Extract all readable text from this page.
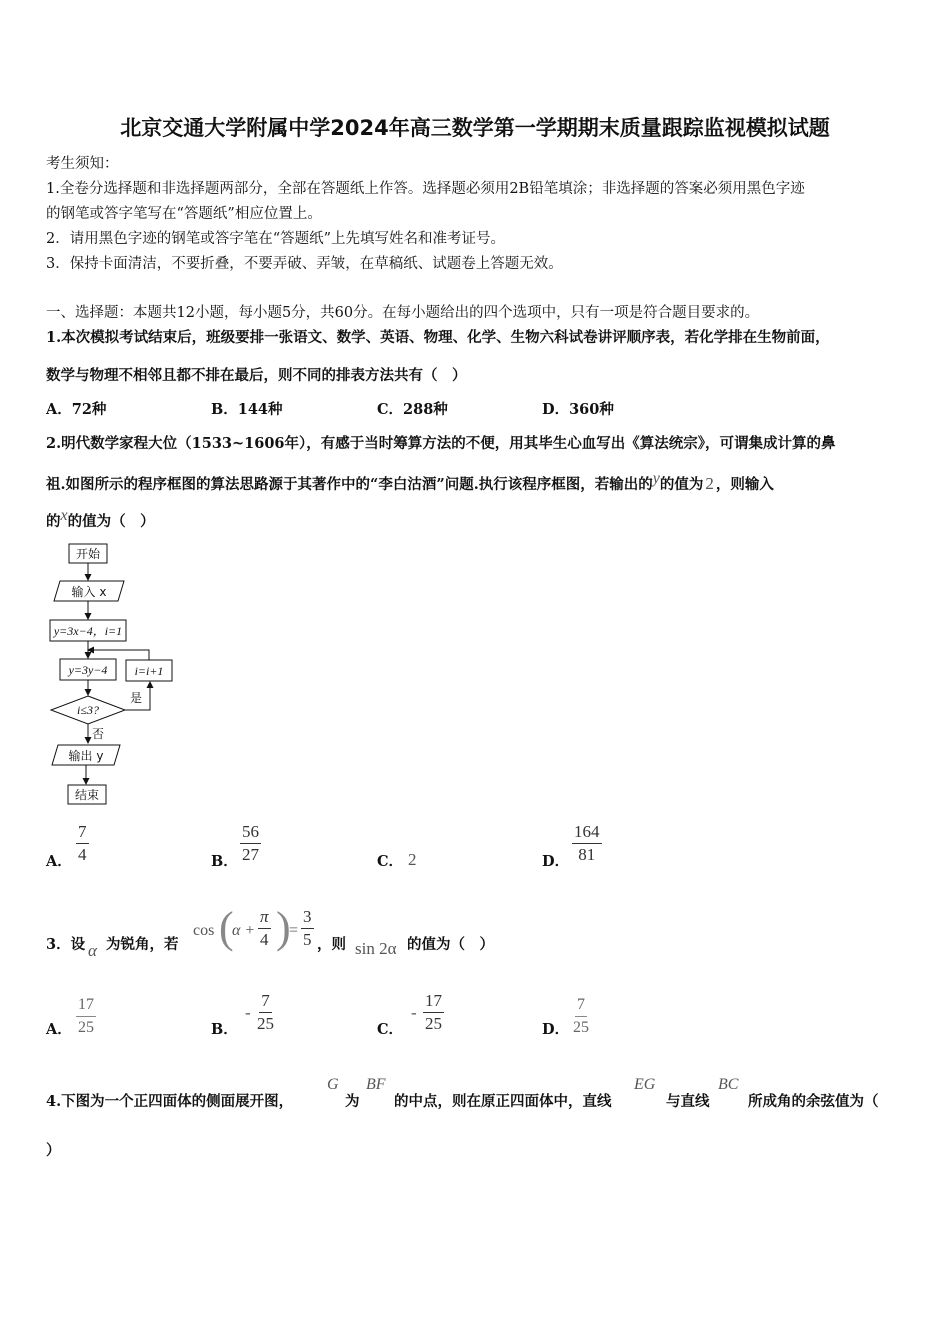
北京交通大学附属中学2024年高三数学第一学期期末质量跟踪监视模拟试题
考生须知：
1.全卷分选择题和非选择题两部分，全部在答题纸上作答。选择题必须用2B铅笔填涂；非选择题的答案必须用黑色字迹
的钢笔或答字笔写在“答题纸”相应位置上。
2．请用黑色字迹的钢笔或答字笔在“答题纸”上先填写姓名和准考证号。
3．保持卡面清洁，不要折叠，不要弄破、弄皱，在草稿纸、试题卷上答题无效。
一、选择题：本题共12小题，每小题5分，共60分。在每小题给出的四个选项中，只有一项是符合题目要求的。
1.本次模拟考试结束后，班级要排一张语文、数学、英语、物理、化学、生物六科试卷讲评顺序表，若化学排在生物前面，
数学与物理不相邻且都不排在最后，则不同的排表方法共有（　）
A．72种	B．144种	C．288种	D．360种
2.明代数学家程大位（1533~1606年），有感于当时筹算方法的不便，用其毕生心血写出《算法统宗》，可谓集成计算的鼻
祖.如图所示的程序框图的算法思路源于其著作中的“李白沽酒”问题.执行该程序框图，若输出的$^y$的值为 2 ，则输入
的$^x$的值为（　）
开始
输入 x
y=3x−4，i=1
y=3y−4
i≤3?
是
i=i+1
否
输出 y
结束
A． $\frac{7}{4}$	B． $\frac{56}{27}$	C． 2	D． $\frac{164}{81}$
3．设 α 为锐角，若
cos (
$\alpha + \frac{\pi}{4}$ )
= $\frac{3}{5}$ ，则 sin 2α 的值为（　）
A． $\frac{17}{25}$	B．
- $\frac{7}{25}$	C．
- $\frac{17}{25}$	D． $\frac{7}{25}$
4.下图为一个正四面体的侧面展开图，
G
为
BF
的中点，则在原正四面体中，直线
EG
与直线
BC
所成角的余弦值为（
）
